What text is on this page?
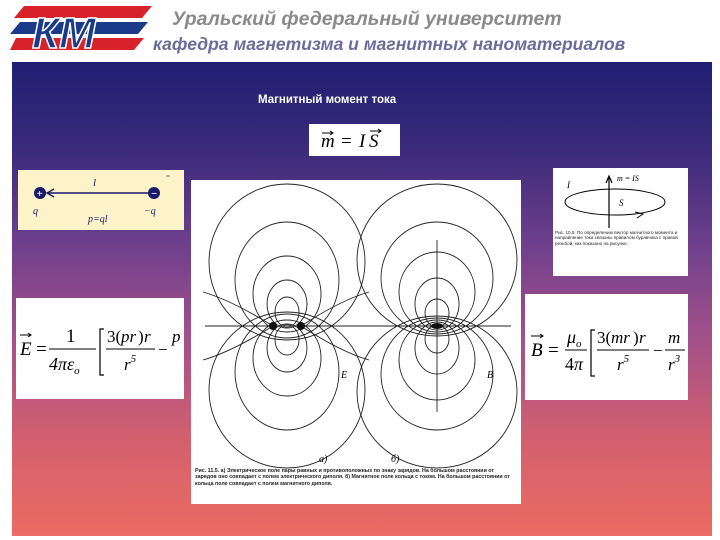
КМ	Уральский федеральный университет
кафедра магнетизма и магнитных наноматериалов
Магнитный момент тока
m = I S
+	−
l
q	−q
p=ql
m = IS
S
I
Рис. 10.5. По определению вектор магнитного момента и направление тока связаны правилом буравчика с правой резьбой, как показано на рисунке.
E =
1
$4\pi\varepsilon_o$
3( pr ) r
$r^5$ −
p
B =
$\mu_o$
4π
3( mr ) r
$r^5$ −
m
$r^3$
E	B
a)	б)
Рис. 11.5. а) Электрическое поле пары равных и противоположных по знаку зарядов. На большом расстоянии от зарядов оно совпадает с полем электрического диполя. б) Магнитное поле кольца с током. На большом расстоянии от кольца поле совпадает с полем магнитного диполя.
